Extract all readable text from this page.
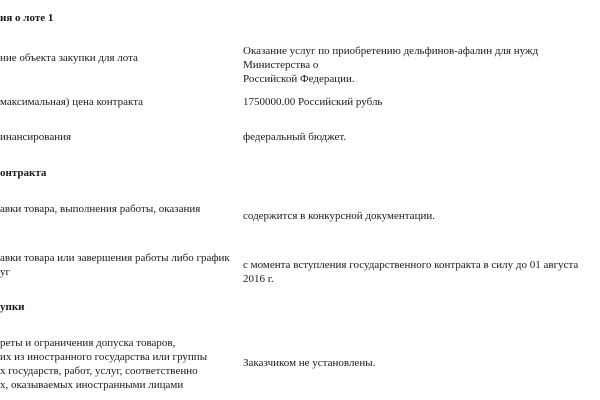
ия о лоте 1
ние объекта закупки для лота
Оказание услуг по приобретению дельфинов-афалин для нужд Министерства о
Российской Федерации.
максимальная) цена контракта	1750000.00 Российский рубль
инансирования	федеральный бюджет.
онтракта
авки товара, выполнения работы, оказания
содержится в конкурсной документации.
авки товара или завершения работы либо график
уг
с момента вступления государственного контракта в силу до 01 августа 2016 г.
упки
реты и ограничения допуска товаров,
их из иностранного государства или группы
х государств, работ, услуг, соответственно
х, оказываемых иностранными лицами
Заказчиком не установлены.
